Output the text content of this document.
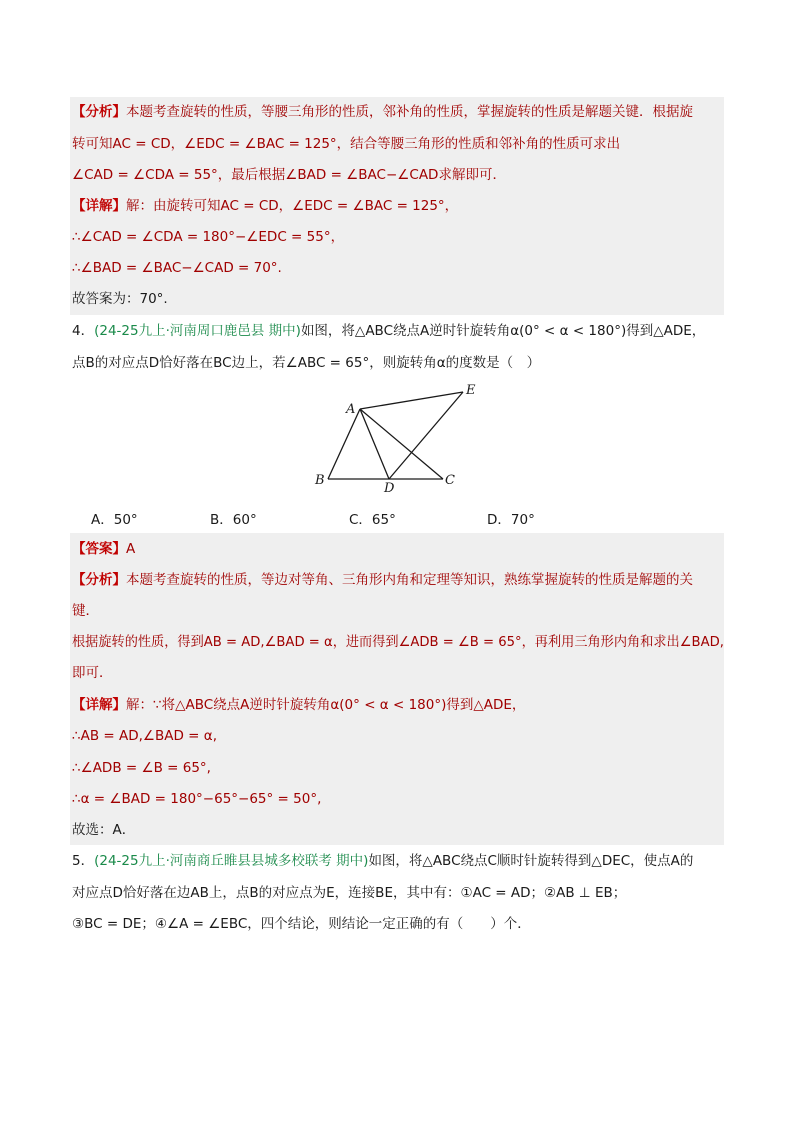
【分析】本题考查旋转的性质，等腰三角形的性质，邻补角的性质，掌握旋转的性质是解题关键．根据旋
转可知AC = CD，∠EDC = ∠BAC = 125°，结合等腰三角形的性质和邻补角的性质可求出
∠CAD = ∠CDA = 55°，最后根据∠BAD = ∠BAC−∠CAD求解即可．
【详解】解：由旋转可知AC = CD，∠EDC = ∠BAC = 125°，
∴∠CAD = ∠CDA = 180°−∠EDC = 55°，
∴∠BAD = ∠BAC−∠CAD = 70°.
故答案为：70°.
4．(24-25九上·河南周口鹿邑县 期中)如图，将△ABC绕点A逆时针旋转角α(0° < α < 180°)得到△ADE，
点B的对应点D恰好落在BC边上，若∠ABC = 65°，则旋转角α的度数是（　）
A
B	C
D
E
A．50°	B．60°	C．65°	D．70°
【答案】A
【分析】本题考查旋转的性质，等边对等角、三角形内角和定理等知识，熟练掌握旋转的性质是解题的关
键．
根据旋转的性质，得到AB = AD,∠BAD = α，进而得到∠ADB = ∠B = 65°，再利用三角形内角和求出∠BAD,
即可．
【详解】解：∵将△ABC绕点A逆时针旋转角α(0° < α < 180°)得到△ADE，
∴AB = AD,∠BAD = α,
∴∠ADB = ∠B = 65°,
∴α = ∠BAD = 180°−65°−65° = 50°,
故选：A．
5．(24-25九上·河南商丘睢县县城多校联考 期中)如图，将△ABC绕点C顺时针旋转得到△DEC，使点A的
对应点D恰好落在边AB上，点B的对应点为E，连接BE，其中有：①AC = AD；②AB ⊥ EB；
③BC = DE；④∠A = ∠EBC，四个结论，则结论一定正确的有（　　）个．
